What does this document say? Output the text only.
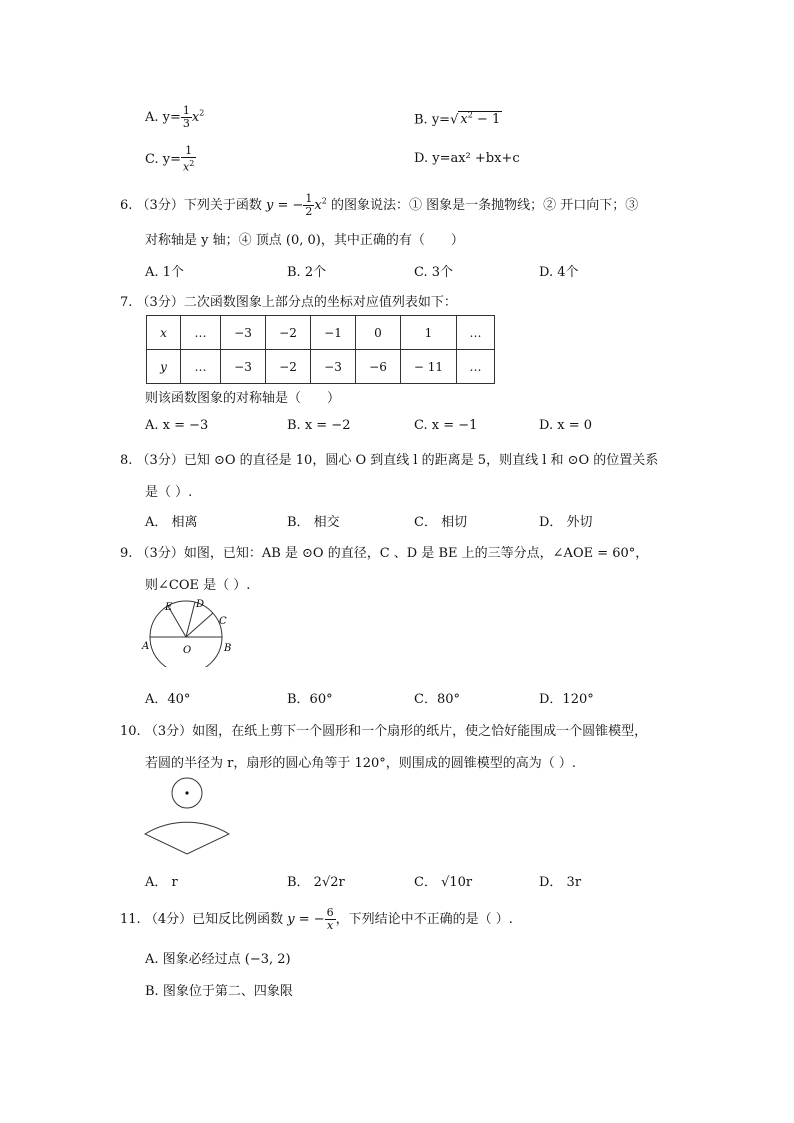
A. $y= \frac{1}{3} x^2$	B. y=√ $x^2 - 1$
C. $y= \frac{1}{x^2}$	D. y=ax² +bx+c
6. （3分）下列关于函数 y = − $\frac{1}{2} x^2$ 的图象说法：① 图象是一条抛物线；② 开口向下；③
对称轴是 y 轴；④ 顶点 (0, 0)，其中正确的有（　　）
A. 1个	B. 2个	C. 3个	D. 4个
7. （3分）二次函数图象上部分点的坐标对应值列表如下：
x	…	−3	−2	−1	0	1	…
y	…	−3	−2	−3	−6	− 11	…
则该函数图象的对称轴是（　　）
A. x = −3	B. x = −2	C. x = −1	D. x = 0
8. （3分）已知 ⊙O 的直径是 10，圆心 O 到直线 l 的距离是 5，则直线 l 和 ⊙O 的位置关系
是（ ）.
A． 相离	B． 相交	C． 相切	D． 外切
9. （3分）如图，已知：AB 是 ⊙O 的直径，C 、D 是 BE 上的三等分点，∠AOE = 60°，
则∠COE 是（ ）.
A	B
C
D
E
O
A．40°	B．60°	C．80°	D．120°
10. （3分）如图，在纸上剪下一个圆形和一个扇形的纸片，使之恰好能围成一个圆锥模型，
若圆的半径为 r，扇形的圆心角等于 120°，则围成的圆锥模型的高为（ ）.
A． r	B． 2√2r	C． √10r	D． 3r
11. （4分）已知反比例函数 y = − $\frac{6}{x}$ ，下列结论中不正确的是（ ）.
A. 图象必经过点 (−3, 2)
B. 图象位于第二、四象限
